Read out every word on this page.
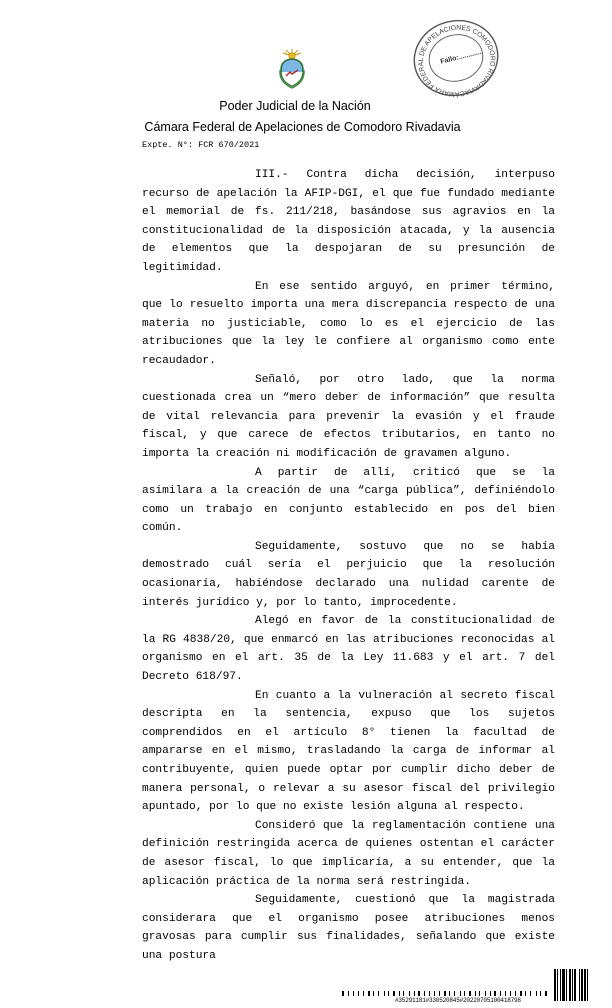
CÁMARA FEDERAL DE APELACIONES COMODORO RIVADAVIA
Fallo:............
Poder Judicial de la Nación
Cámara Federal de Apelaciones de Comodoro Rivadavia
Expte. N°: FCR 670/2021

III.- Contra dicha decisión, interpuso recurso de apelación la AFIP-DGI, el que fue fundado mediante el memorial de fs. 211/218, basándose sus agravios en la constitucionalidad de la disposición atacada, y la ausencia de elementos que la despojaran de su presunción de legitimidad.

En ese sentido arguyó, en primer término, que lo resuelto importa una mera discrepancia respecto de una materia no justiciable, como lo es el ejercicio de las atribuciones que la ley le confiere al organismo como ente recaudador.

Señaló, por otro lado, que la norma cuestionada crea un “mero deber de información” que resulta de vital relevancia para prevenir la evasión y el fraude fiscal, y que carece de efectos tributarios, en tanto no importa la creación ni modificación de gravamen alguno.

A partir de allí, criticó que se la asimilara a la creación de una “carga pública”, definiéndolo como un trabajo en conjunto establecido en pos del bien común.

Seguidamente, sostuvo que no se había demostrado cuál sería el perjuicio que la resolución ocasionaría, habiéndose declarado una nulidad carente de interés jurídico y, por lo tanto, improcedente.

Alegó en favor de la constitucionalidad de la RG 4838/20, que enmarcó en las atribuciones reconocidas al organismo en el art. 35 de la Ley 11.683 y el art. 7 del Decreto 618/97.

En cuanto a la vulneración al secreto fiscal descripta en la sentencia, expuso que los sujetos comprendidos en el artículo 8° tienen la facultad de ampararse en el mismo, trasladando la carga de informar al contribuyente, quien puede optar por cumplir dicho deber de manera personal, o relevar a su asesor fiscal del privilegio apuntado, por lo que no existe lesión alguna al respecto.

Consideró que la reglamentación contiene una definición restringida acerca de quienes ostentan el carácter de asesor fiscal, lo que implicaría, a su entender, que la aplicación práctica de la norma será restringida.

Seguidamente, cuestionó que la magistrada considerara que el organismo posee atribuciones menos gravosas para cumplir sus finalidades, señalando que existe una postura

#35291181#330520845#20220705100418798
